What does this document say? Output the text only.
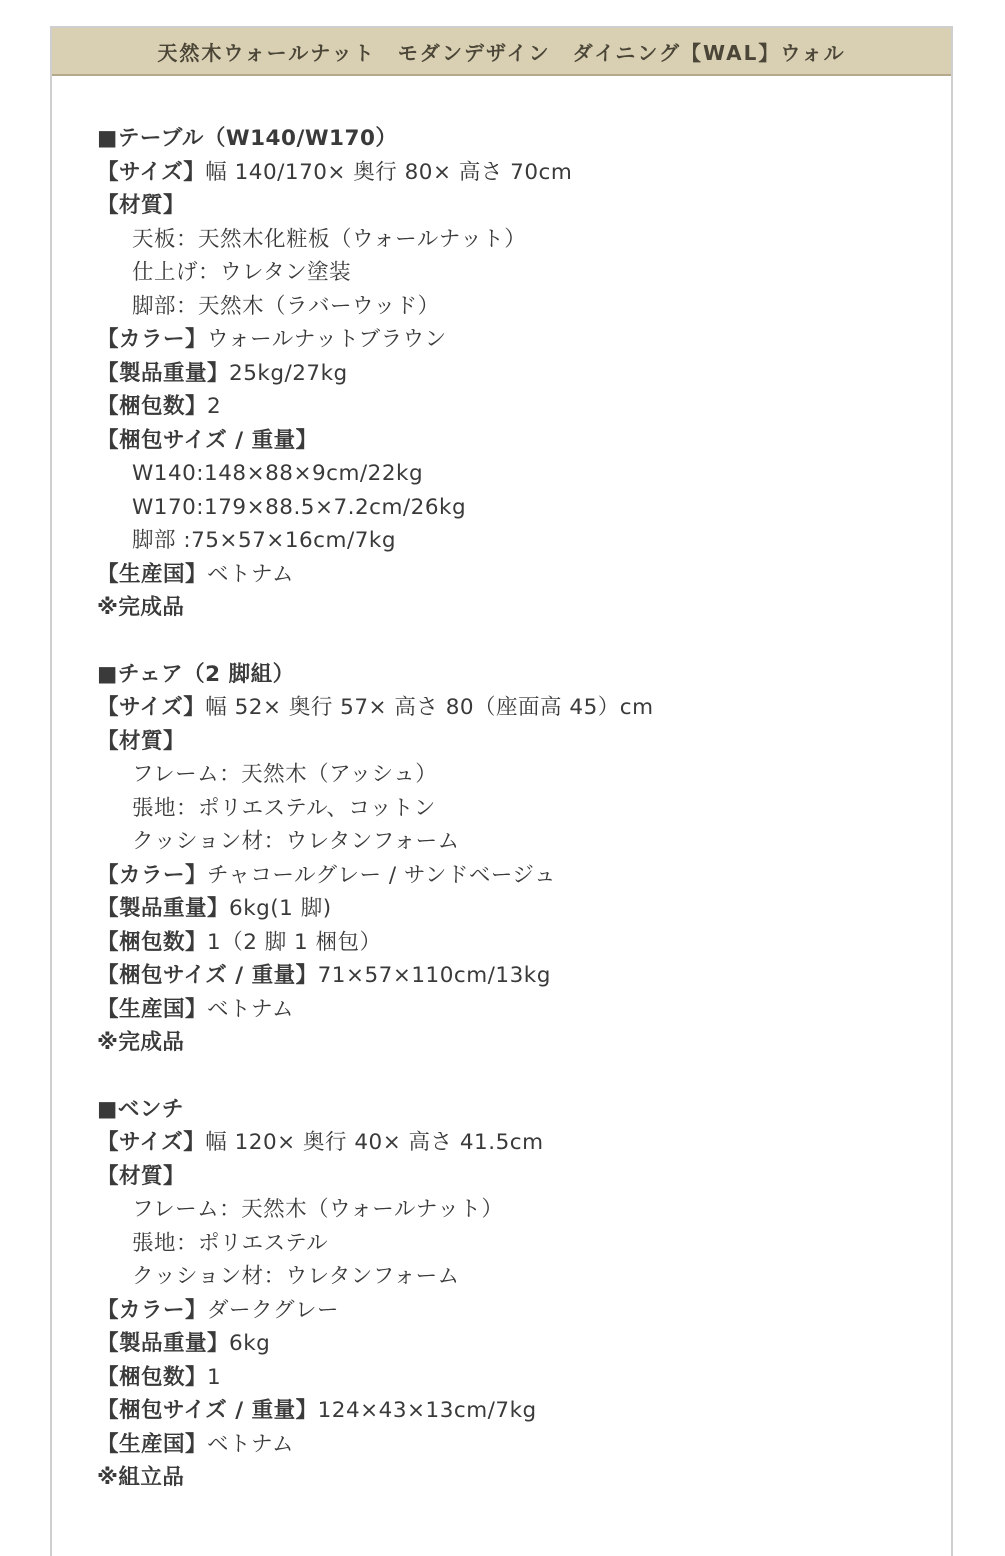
天然木ウォールナット　モダンデザイン　ダイニング【WAL】ウォル
■テーブル（W140/W170）
【サイズ】幅 140/170× 奥行 80× 高さ 70cm
【材質】
天板：天然木化粧板（ウォールナット）
仕上げ：ウレタン塗装
脚部：天然木（ラバーウッド）
【カラー】ウォールナットブラウン
【製品重量】25kg/27kg
【梱包数】2
【梱包サイズ / 重量】
W140:148×88×9cm/22kg
W170:179×88.5×7.2cm/26kg
脚部 :75×57×16cm/7kg
【生産国】ベトナム
※完成品
■チェア（2 脚組）
【サイズ】幅 52× 奥行 57× 高さ 80（座面高 45）cm
【材質】
フレーム：天然木（アッシュ）
張地：ポリエステル、コットン
クッション材：ウレタンフォーム
【カラー】チャコールグレー / サンドベージュ
【製品重量】6kg(1 脚)
【梱包数】1（2 脚 1 梱包）
【梱包サイズ / 重量】71×57×110cm/13kg
【生産国】ベトナム
※完成品
■ベンチ
【サイズ】幅 120× 奥行 40× 高さ 41.5cm
【材質】
フレーム：天然木（ウォールナット）
張地：ポリエステル
クッション材：ウレタンフォーム
【カラー】ダークグレー
【製品重量】6kg
【梱包数】1
【梱包サイズ / 重量】124×43×13cm/7kg
【生産国】ベトナム
※組立品
